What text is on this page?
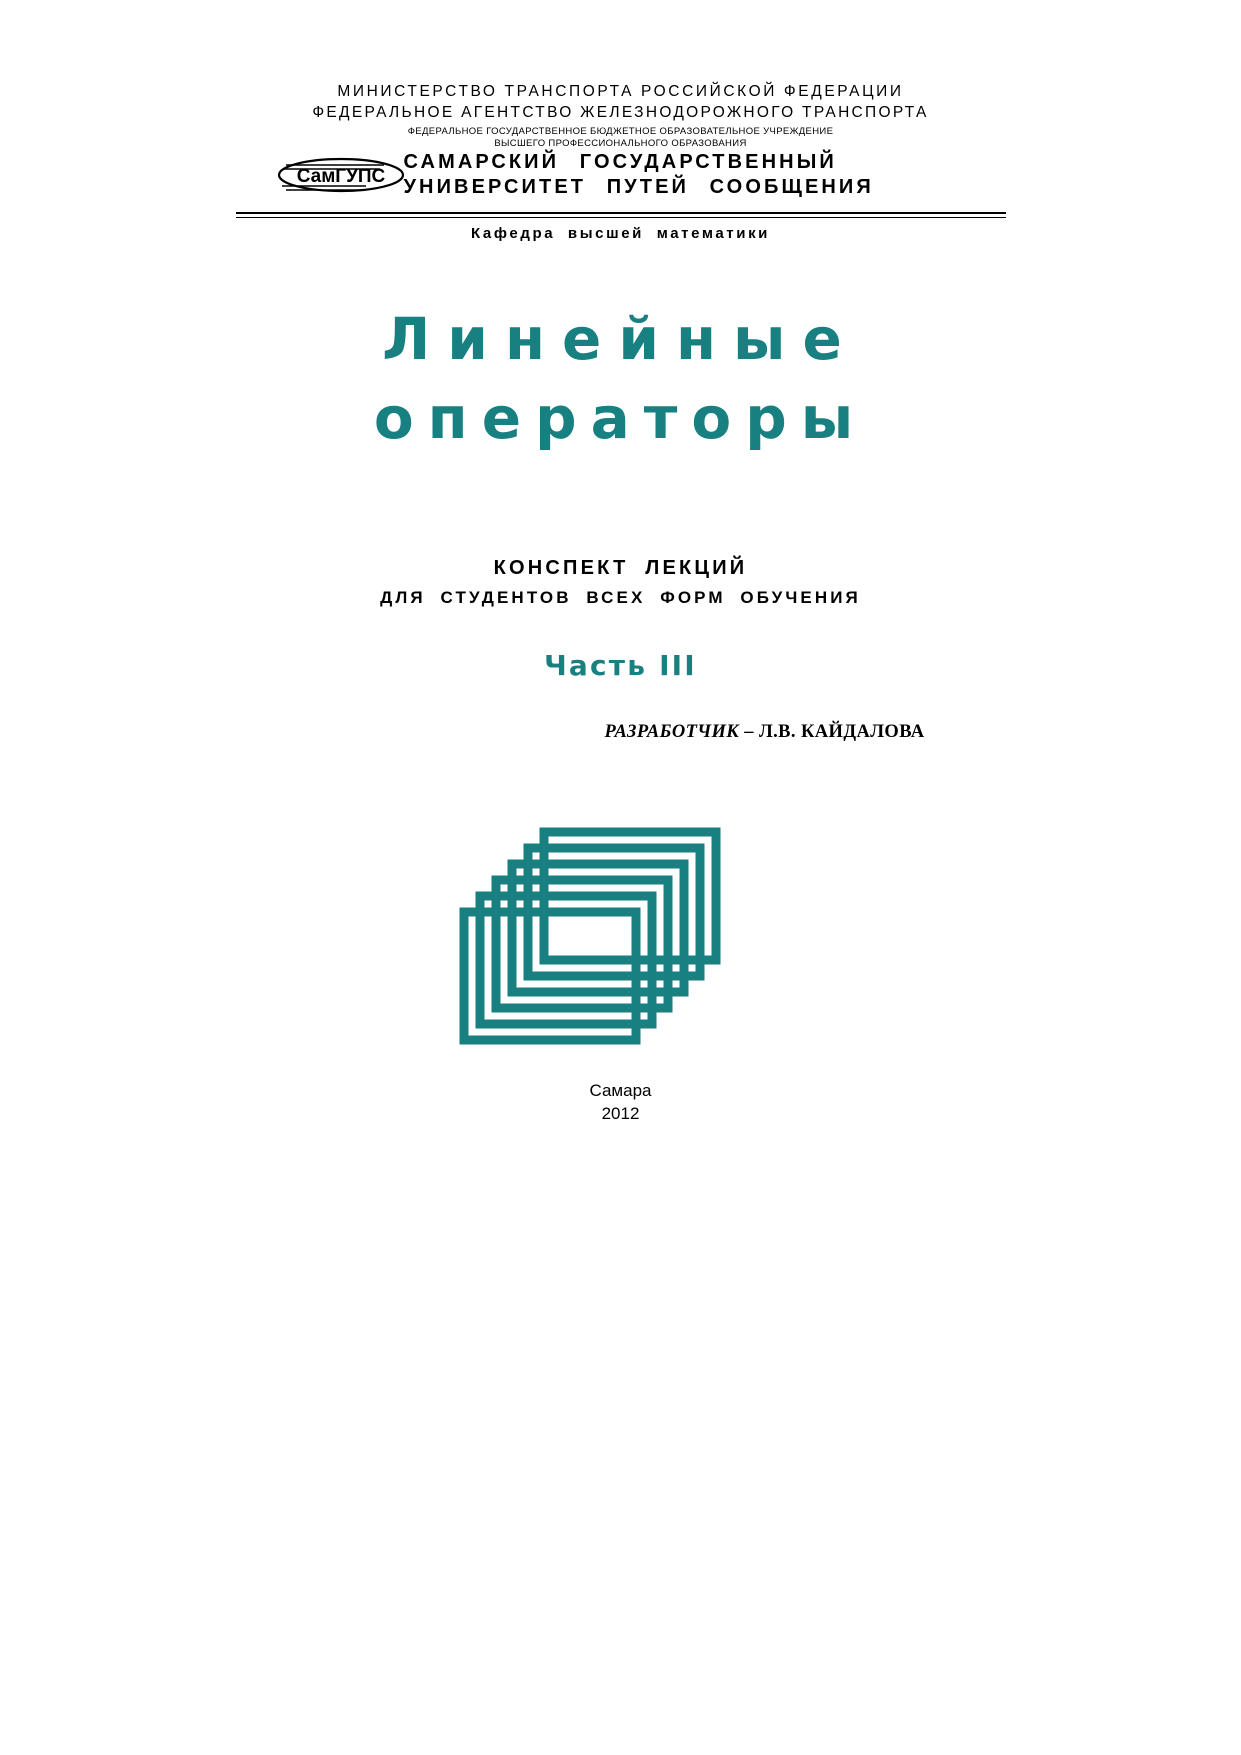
МИНИСТЕРСТВО ТРАНСПОРТА РОССИЙСКОЙ ФЕДЕРАЦИИ
ФЕДЕРАЛЬНОЕ АГЕНТСТВО ЖЕЛЕЗНОДОРОЖНОГО ТРАНСПОРТА
ФЕДЕРАЛЬНОЕ ГОСУДАРСТВЕННОЕ БЮДЖЕТНОЕ ОБРАЗОВАТЕЛЬНОЕ УЧРЕЖДЕНИЕ
ВЫСШЕГО ПРОФЕССИОНАЛЬНОГО ОБРАЗОВАНИЯ
СамГУПС
САМАРСКИЙ ГОСУДАРСТВЕННЫЙ
УНИВЕРСИТЕТ ПУТЕЙ СООБЩЕНИЯ
Кафедра высшей математики
Линейные
операторы
КОНСПЕКТ ЛЕКЦИЙ
ДЛЯ СТУДЕНТОВ ВСЕХ ФОРМ ОБУЧЕНИЯ
Часть III
РАЗРАБОТЧИК – Л.В. КАЙДАЛОВА
Самара
2012
